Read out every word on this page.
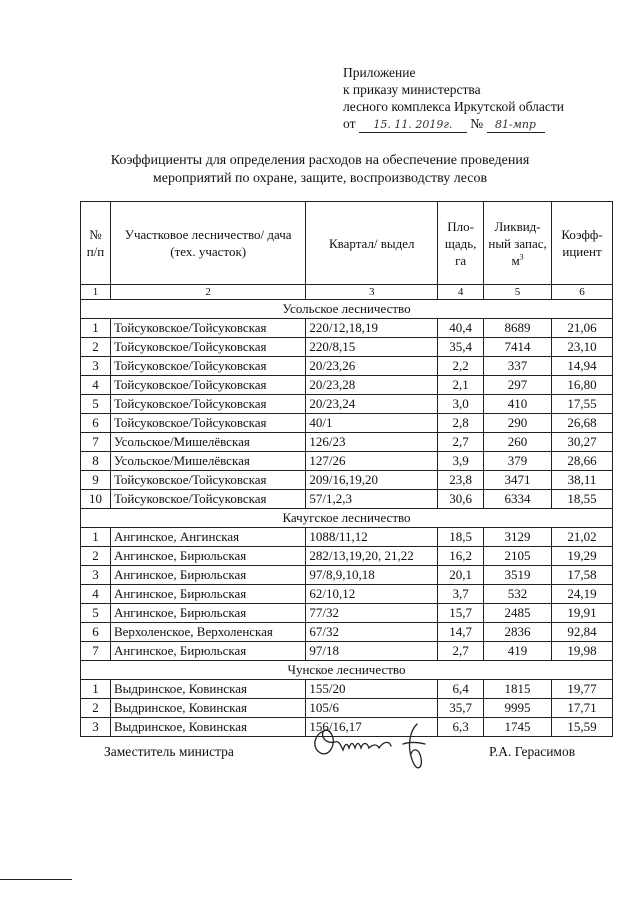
Приложение
к приказу министерства
лесного комплекса Иркутской области
от 15. 11. 2019г. № 81-мпр
Коэффициенты для определения расходов на обеспечение проведения
мероприятий по охране, защите, воспроизводству лесов
№ п/п	Участковое лесничество/ дача (тех. участок)	Квартал/ выдел	Пло-щадь, га	Ликвид-ный запас, $м^3$	Коэфф-ициент
1	2	3	4	5	6
Усольское лесничество					
1	Тойсуковское/Тойсуковская	220/12,18,19	40,4	8689	21,06
2	Тойсуковское/Тойсуковская	220/8,15	35,4	7414	23,10
3	Тойсуковское/Тойсуковская	20/23,26	2,2	337	14,94
4	Тойсуковское/Тойсуковская	20/23,28	2,1	297	16,80
5	Тойсуковское/Тойсуковская	20/23,24	3,0	410	17,55
6	Тойсуковское/Тойсуковская	40/1	2,8	290	26,68
7	Усольское/Мишелёвская	126/23	2,7	260	30,27
8	Усольское/Мишелёвская	127/26	3,9	379	28,66
9	Тойсуковское/Тойсуковская	209/16,19,20	23,8	3471	38,11
10	Тойсуковское/Тойсуковская	57/1,2,3	30,6	6334	18,55
Качугское лесничество					
1	Ангинское, Ангинская	1088/11,12	18,5	3129	21,02
2	Ангинское, Бирюльская	282/13,19,20, 21,22	16,2	2105	19,29
3	Ангинское, Бирюльская	97/8,9,10,18	20,1	3519	17,58
4	Ангинское, Бирюльская	62/10,12	3,7	532	24,19
5	Ангинское, Бирюльская	77/32	15,7	2485	19,91
6	Верхоленское, Верхоленская	67/32	14,7	2836	92,84
7	Ангинское, Бирюльская	97/18	2,7	419	19,98
Чунское лесничество					
1	Выдринское, Ковинская	155/20	6,4	1815	19,77
2	Выдринское, Ковинская	105/6	35,7	9995	17,71
3	Выдринское, Ковинская	156/16,17	6,3	1745	15,59
Заместитель министра	Р.А. Герасимов
